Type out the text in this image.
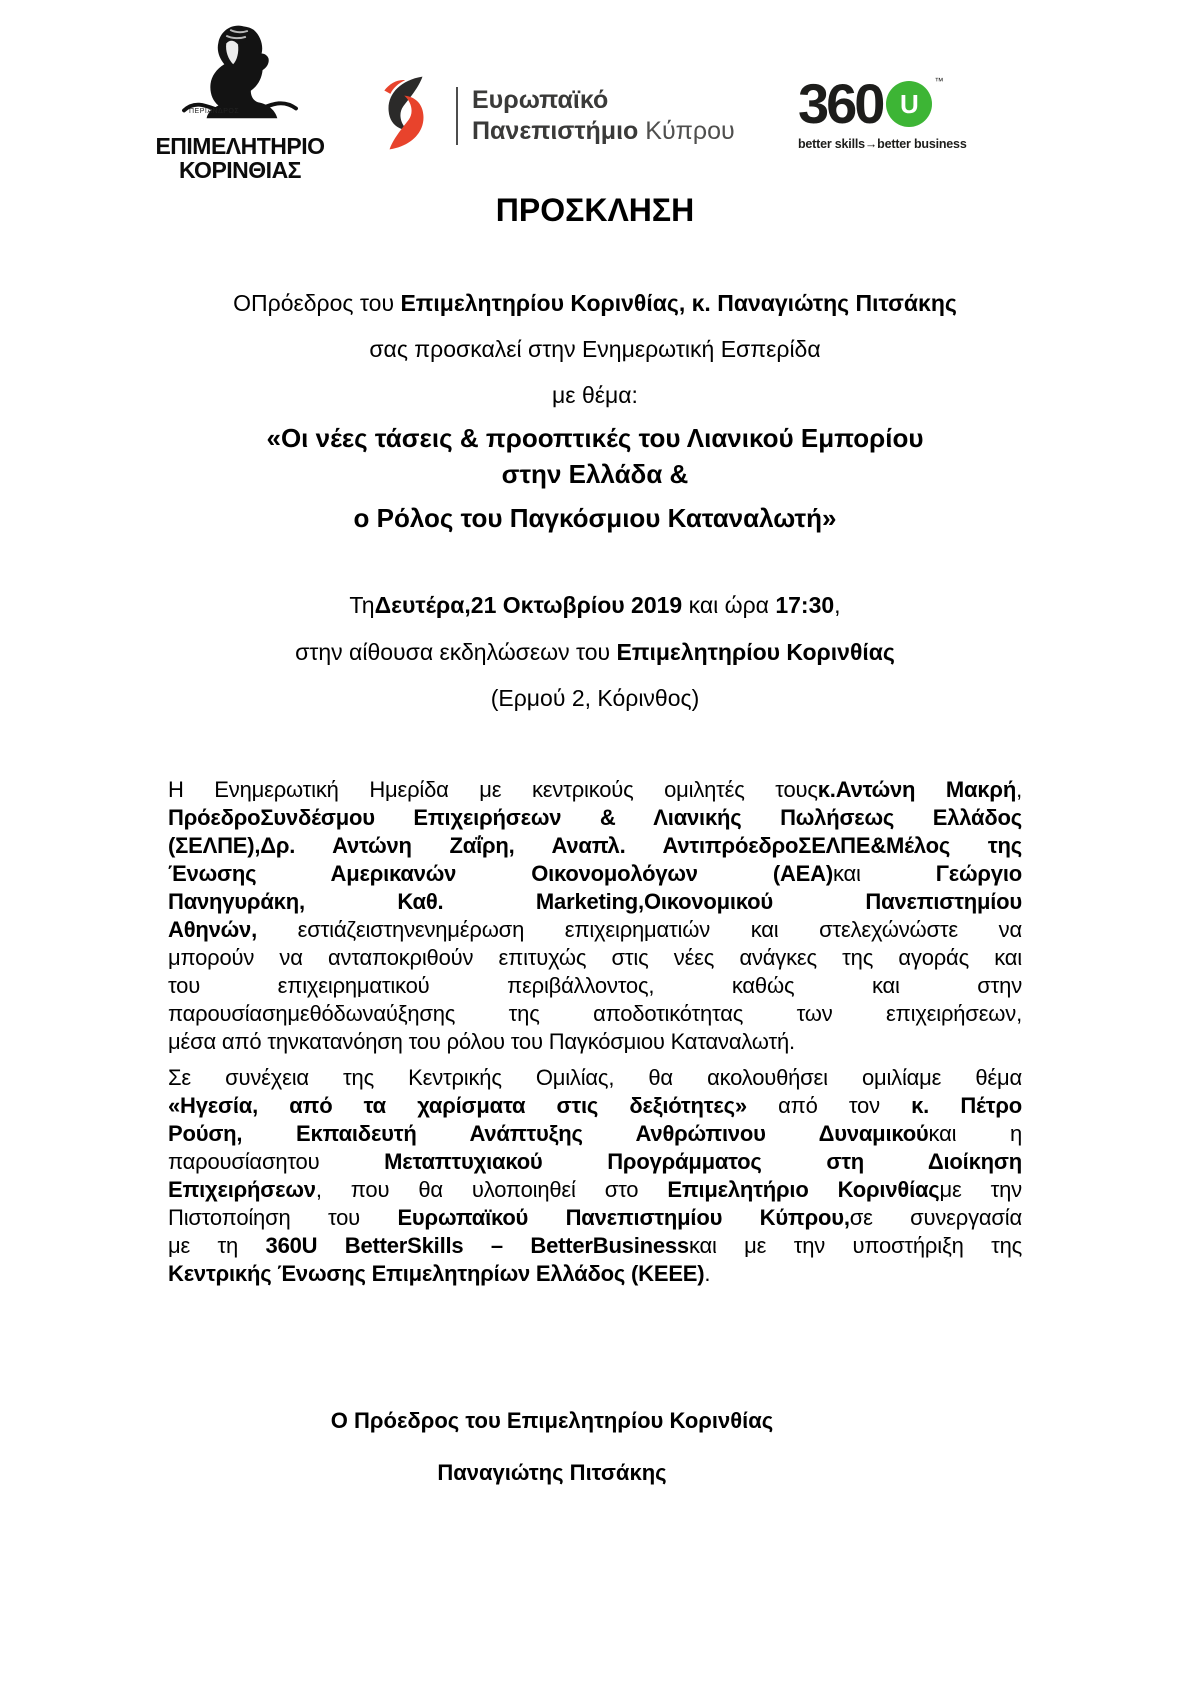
ΠΕΡΙΑΝΔΡΟΣ
ΕΠΙΜΕΛΗΤΗΡΙΟ
ΚΟΡΙΝΘΙΑΣ
Ευρωπαϊκό
Πανεπιστήμιο Κύπρου 360 U
™
better skills→better business
ΠΡΟΣΚΛΗΣΗ
ΟΠρόεδρος του Επιμελητηρίου Κορινθίας, κ. Παναγιώτης Πιτσάκης
σας προσκαλεί στην Ενημερωτική Εσπερίδα
με θέμα:
«Οι νέες τάσεις & προοπτικές του Λιανικού Εμπορίου
στην Ελλάδα &
ο Ρόλος του Παγκόσμιου Καταναλωτή»
ΤηΔευτέρα,21 Οκτωβρίου 2019 και ώρα 17:30,
στην αίθουσα εκδηλώσεων του Επιμελητηρίου Κορινθίας
(Ερμού 2, Κόρινθος)
Η Ενημερωτική Ημερίδα με κεντρικούς ομιλητές τουςκ.Αντώνη Μακρή,
ΠρόεδροΣυνδέσμου Επιχειρήσεων & Λιανικής Πωλήσεως Ελλάδος
(ΣΕΛΠΕ),Δρ. Αντώνη Ζαΐρη, Αναπλ. ΑντιπρόεδροΣΕΛΠΕ&Μέλος της
Ένωσης Αμερικανών Οικονομολόγων (ΑΕΑ)και Γεώργιο
Πανηγυράκη, Καθ. Marketing,Οικονομικού Πανεπιστημίου
Αθηνών, εστιάζειστηνενημέρωση επιχειρηματιών και στελεχώνώστε να
μπορούν να ανταποκριθούν επιτυχώς στις νέες ανάγκες της αγοράς και
του επιχειρηματικού περιβάλλοντος, καθώς και στην
παρουσίασημεθόδωναύξησης της αποδοτικότητας των επιχειρήσεων,
μέσα από τηνκατανόηση του ρόλου του Παγκόσμιου Καταναλωτή.
Σε συνέχεια της Κεντρικής Ομιλίας, θα ακολουθήσει ομιλίαμε θέμα
«Ηγεσία, από τα χαρίσματα στις δεξιότητες» από τον κ. Πέτρο
Ρούση, Εκπαιδευτή Ανάπτυξης Ανθρώπινου Δυναμικούκαι η
παρουσίασητου Μεταπτυχιακού Προγράμματος στη Διοίκηση
Επιχειρήσεων, που θα υλοποιηθεί στο Επιμελητήριο Κορινθίαςμε την
Πιστοποίηση του Ευρωπαϊκού Πανεπιστημίου Κύπρου,σε συνεργασία
με τη 360U BetterSkills – BetterBusinessκαι με την υποστήριξη της
Κεντρικής Ένωσης Επιμελητηρίων Ελλάδος (ΚΕΕΕ).
Ο Πρόεδρος του Επιμελητηρίου Κορινθίας
Παναγιώτης Πιτσάκης
